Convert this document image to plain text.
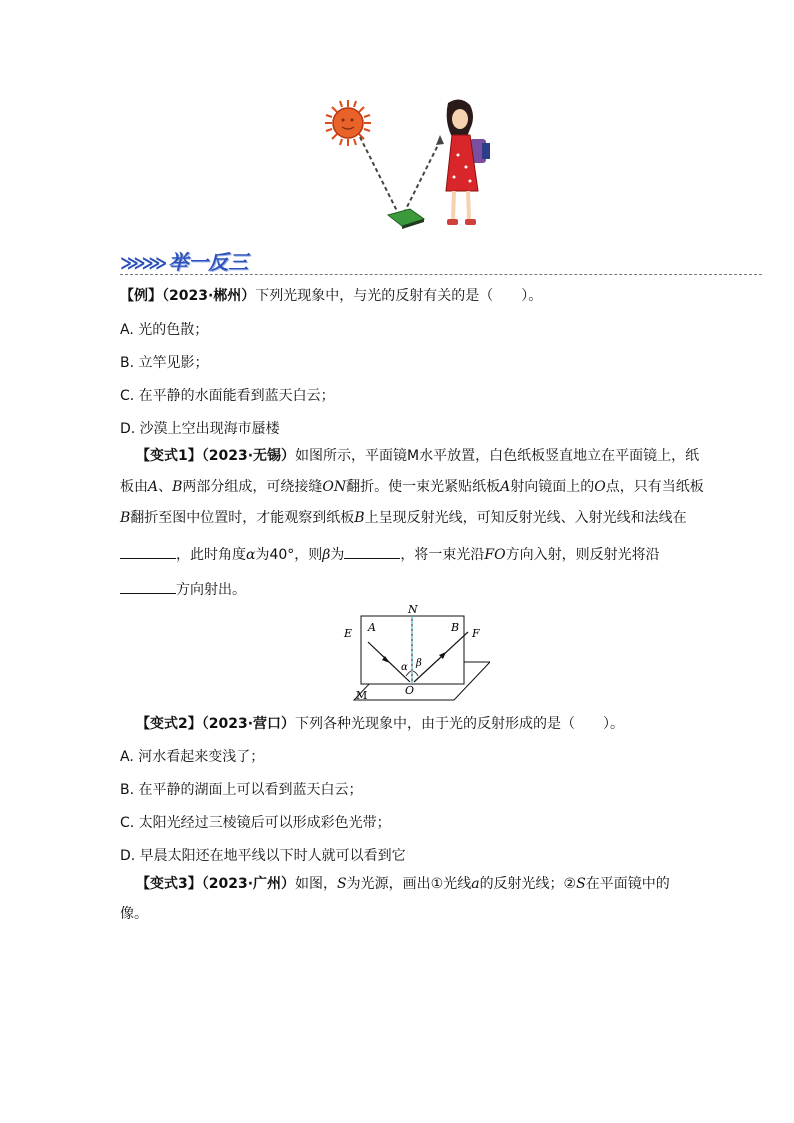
⋙⋙ 举一反三
【例】（2023·郴州）下列光现象中，与光的反射有关的是（　　）。
A. 光的色散；
B. 立竿见影；
C. 在平静的水面能看到蓝天白云；
D. 沙漠上空出现海市蜃楼
【变式1】（2023·无锡）如图所示，平面镜M水平放置，白色纸板竖直地立在平面镜上，纸
板由A、B两部分组成，可绕接缝ON翻折。使一束光紧贴纸板A射向镜面上的O点，只有当纸板
B翻折至图中位置时，才能观察到纸板B上呈现反射光线，可知反射光线、入射光线和法线在
，此时角度α为40°，则β为	，将一束光沿FO方向入射，则反射光将沿
方向射出。
N
A	B
E	F
α β
O
M
【变式2】（2023·营口）下列各种光现象中，由于光的反射形成的是（　　）。
A. 河水看起来变浅了；
B. 在平静的湖面上可以看到蓝天白云；
C. 太阳光经过三棱镜后可以形成彩色光带；
D. 早晨太阳还在地平线以下时人就可以看到它
【变式3】（2023·广州）如图，S为光源，画出①光线a的反射光线；②S在平面镜中的
像。
